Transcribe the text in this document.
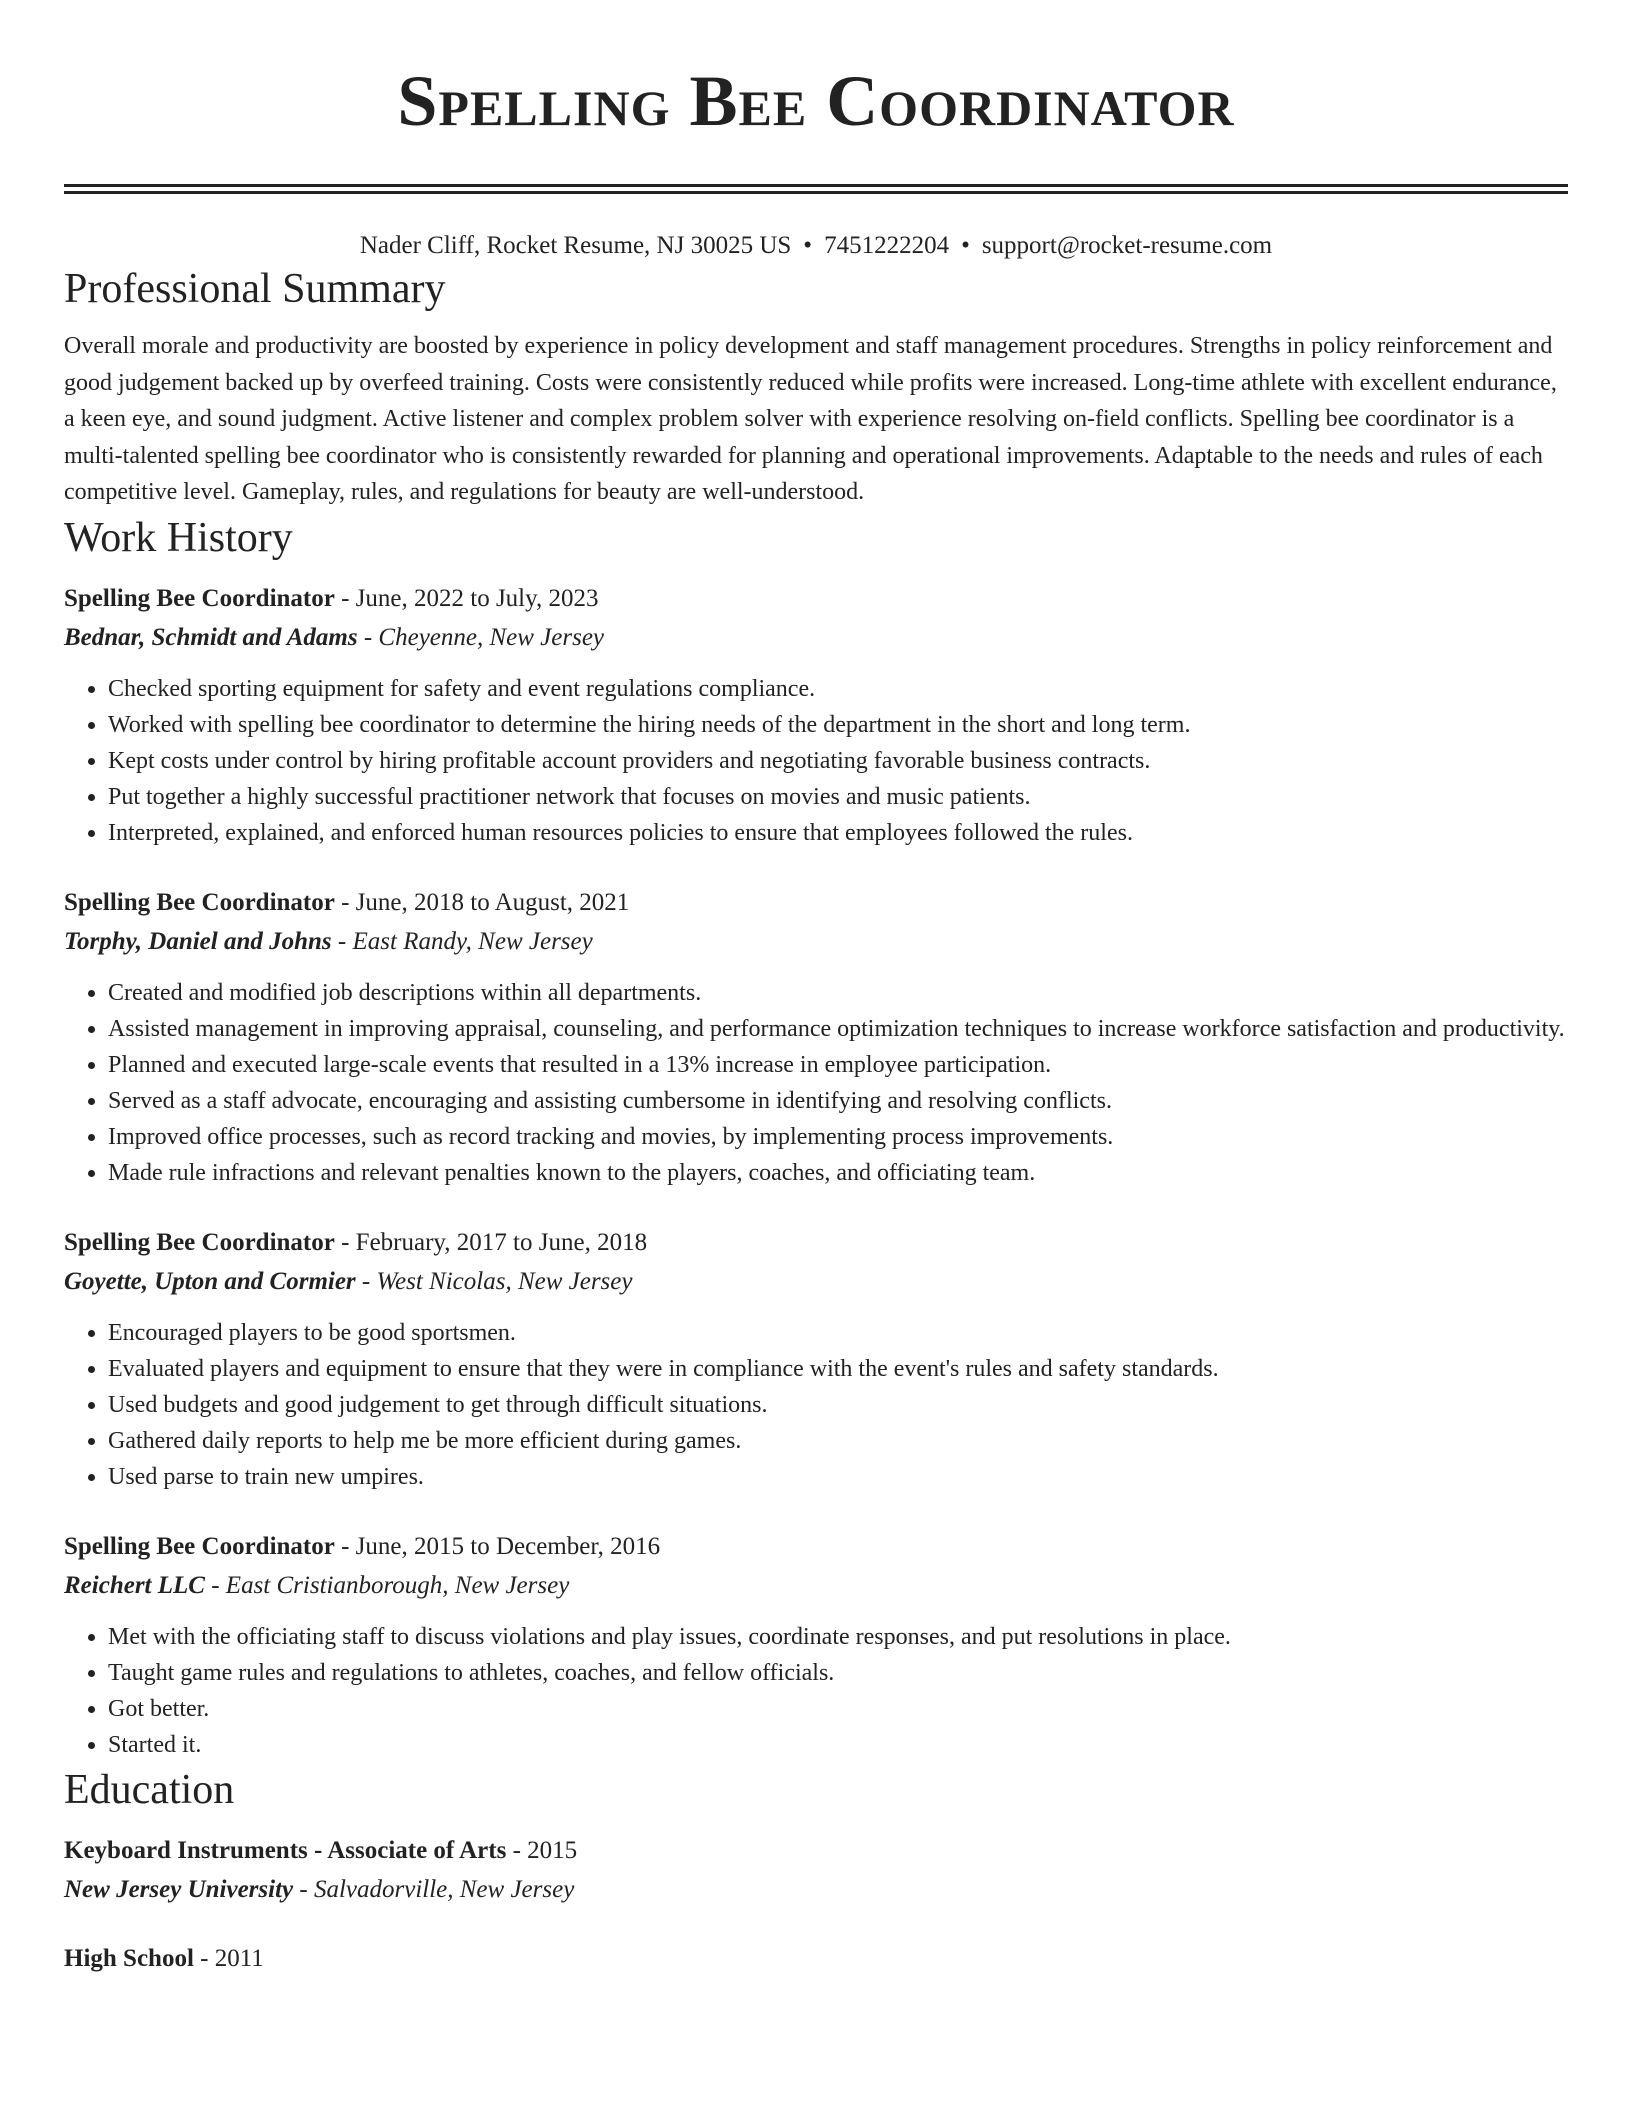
Spelling Bee Coordinator
Nader Cliff, Rocket Resume, NJ 30025 US • 7451222204 • support@rocket-resume.com
Professional Summary

Overall morale and productivity are boosted by experience in policy development and staff management procedures. Strengths in policy reinforcement and good judgement backed up by overfeed training. Costs were consistently reduced while profits were increased. Long-time athlete with excellent endurance, a keen eye, and sound judgment. Active listener and complex problem solver with experience resolving on-field conflicts. Spelling bee coordinator is a multi-talented spelling bee coordinator who is consistently rewarded for planning and operational improvements. Adaptable to the needs and rules of each competitive level. Gameplay, rules, and regulations for beauty are well-understood.

Work History
Spelling Bee Coordinator - June, 2022 to July, 2023
Bednar, Schmidt and Adams - Cheyenne, New Jersey
• Checked sporting equipment for safety and event regulations compliance.
• Worked with spelling bee coordinator to determine the hiring needs of the department in the short and long term.
• Kept costs under control by hiring profitable account providers and negotiating favorable business contracts.
• Put together a highly successful practitioner network that focuses on movies and music patients.
• Interpreted, explained, and enforced human resources policies to ensure that employees followed the rules.
Spelling Bee Coordinator - June, 2018 to August, 2021
Torphy, Daniel and Johns - East Randy, New Jersey
• Created and modified job descriptions within all departments.
• Assisted management in improving appraisal, counseling, and performance optimization techniques to increase workforce satisfaction and productivity.
• Planned and executed large-scale events that resulted in a 13% increase in employee participation.
• Served as a staff advocate, encouraging and assisting cumbersome in identifying and resolving conflicts.
• Improved office processes, such as record tracking and movies, by implementing process improvements.
• Made rule infractions and relevant penalties known to the players, coaches, and officiating team.
Spelling Bee Coordinator - February, 2017 to June, 2018
Goyette, Upton and Cormier - West Nicolas, New Jersey
• Encouraged players to be good sportsmen.
• Evaluated players and equipment to ensure that they were in compliance with the event's rules and safety standards.
• Used budgets and good judgement to get through difficult situations.
• Gathered daily reports to help me be more efficient during games.
• Used parse to train new umpires.
Spelling Bee Coordinator - June, 2015 to December, 2016
Reichert LLC - East Cristianborough, New Jersey
• Met with the officiating staff to discuss violations and play issues, coordinate responses, and put resolutions in place.
• Taught game rules and regulations to athletes, coaches, and fellow officials.
• Got better.
• Started it.
Education
Keyboard Instruments - Associate of Arts - 2015
New Jersey University - Salvadorville, New Jersey
High School - 2011
